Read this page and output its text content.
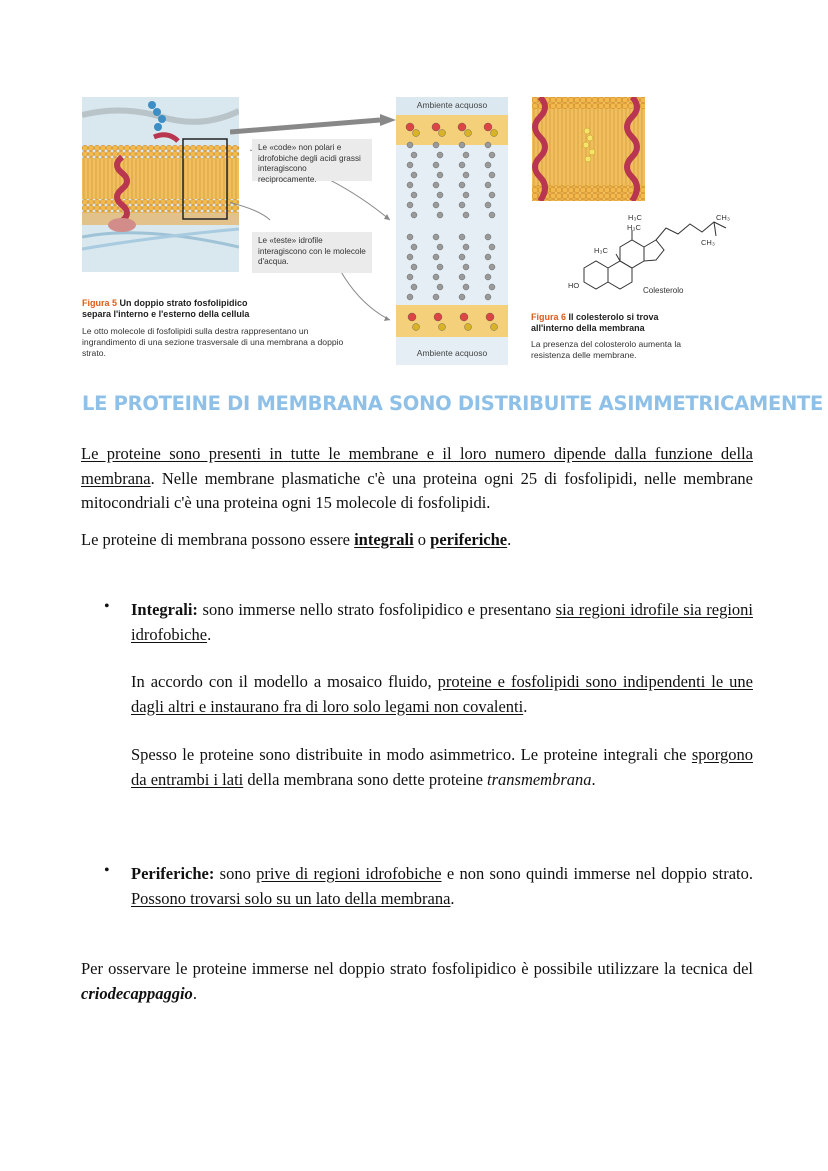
Le «code» non polari e idrofobiche degli acidi grassi interagiscono reciprocamente.
Le «teste» idrofile interagiscono con le molecole d'acqua.
Ambiente acquoso
Ambiente acquoso
Figura 5 Un doppio strato fosfolipidico
separa l'interno e l'esterno della cellula
Le otto molecole di fosfolipidi sulla destra rappresentano un ingrandimento di una sezione trasversale di una membrana a doppio strato.
H₃C
H₃C
H₃C
CH₃
CH₃
HO
Colesterolo
Figura 6 Il colesterolo si trova
all'interno della membrana
La presenza del colosterolo aumenta la resistenza delle membrane.
LE PROTEINE DI MEMBRANA SONO DISTRIBUITE ASIMMETRICAMENTE
Le proteine sono presenti in tutte le membrane e il loro numero dipende dalla funzione della membrana. Nelle membrane plasmatiche c'è una proteina ogni 25 di fosfolipidi, nelle membrane mitocondriali c'è una proteina ogni 15 molecole di fosfolipidi.
Le proteine di membrana possono essere integrali o periferiche.
• Integrali: sono immerse nello strato fosfolipidico e presentano sia regioni idrofile sia regioni idrofobiche.
In accordo con il modello a mosaico fluido, proteine e fosfolipidi sono indipendenti le une dagli altri e instaurano fra di loro solo legami non covalenti.
Spesso le proteine sono distribuite in modo asimmetrico. Le proteine integrali che sporgono da entrambi i lati della membrana sono dette proteine transmembrana.
• Periferiche: sono prive di regioni idrofobiche e non sono quindi immerse nel doppio strato. Possono trovarsi solo su un lato della membrana.
Per osservare le proteine immerse nel doppio strato fosfolipidico è possibile utilizzare la tecnica del criodecappaggio.
